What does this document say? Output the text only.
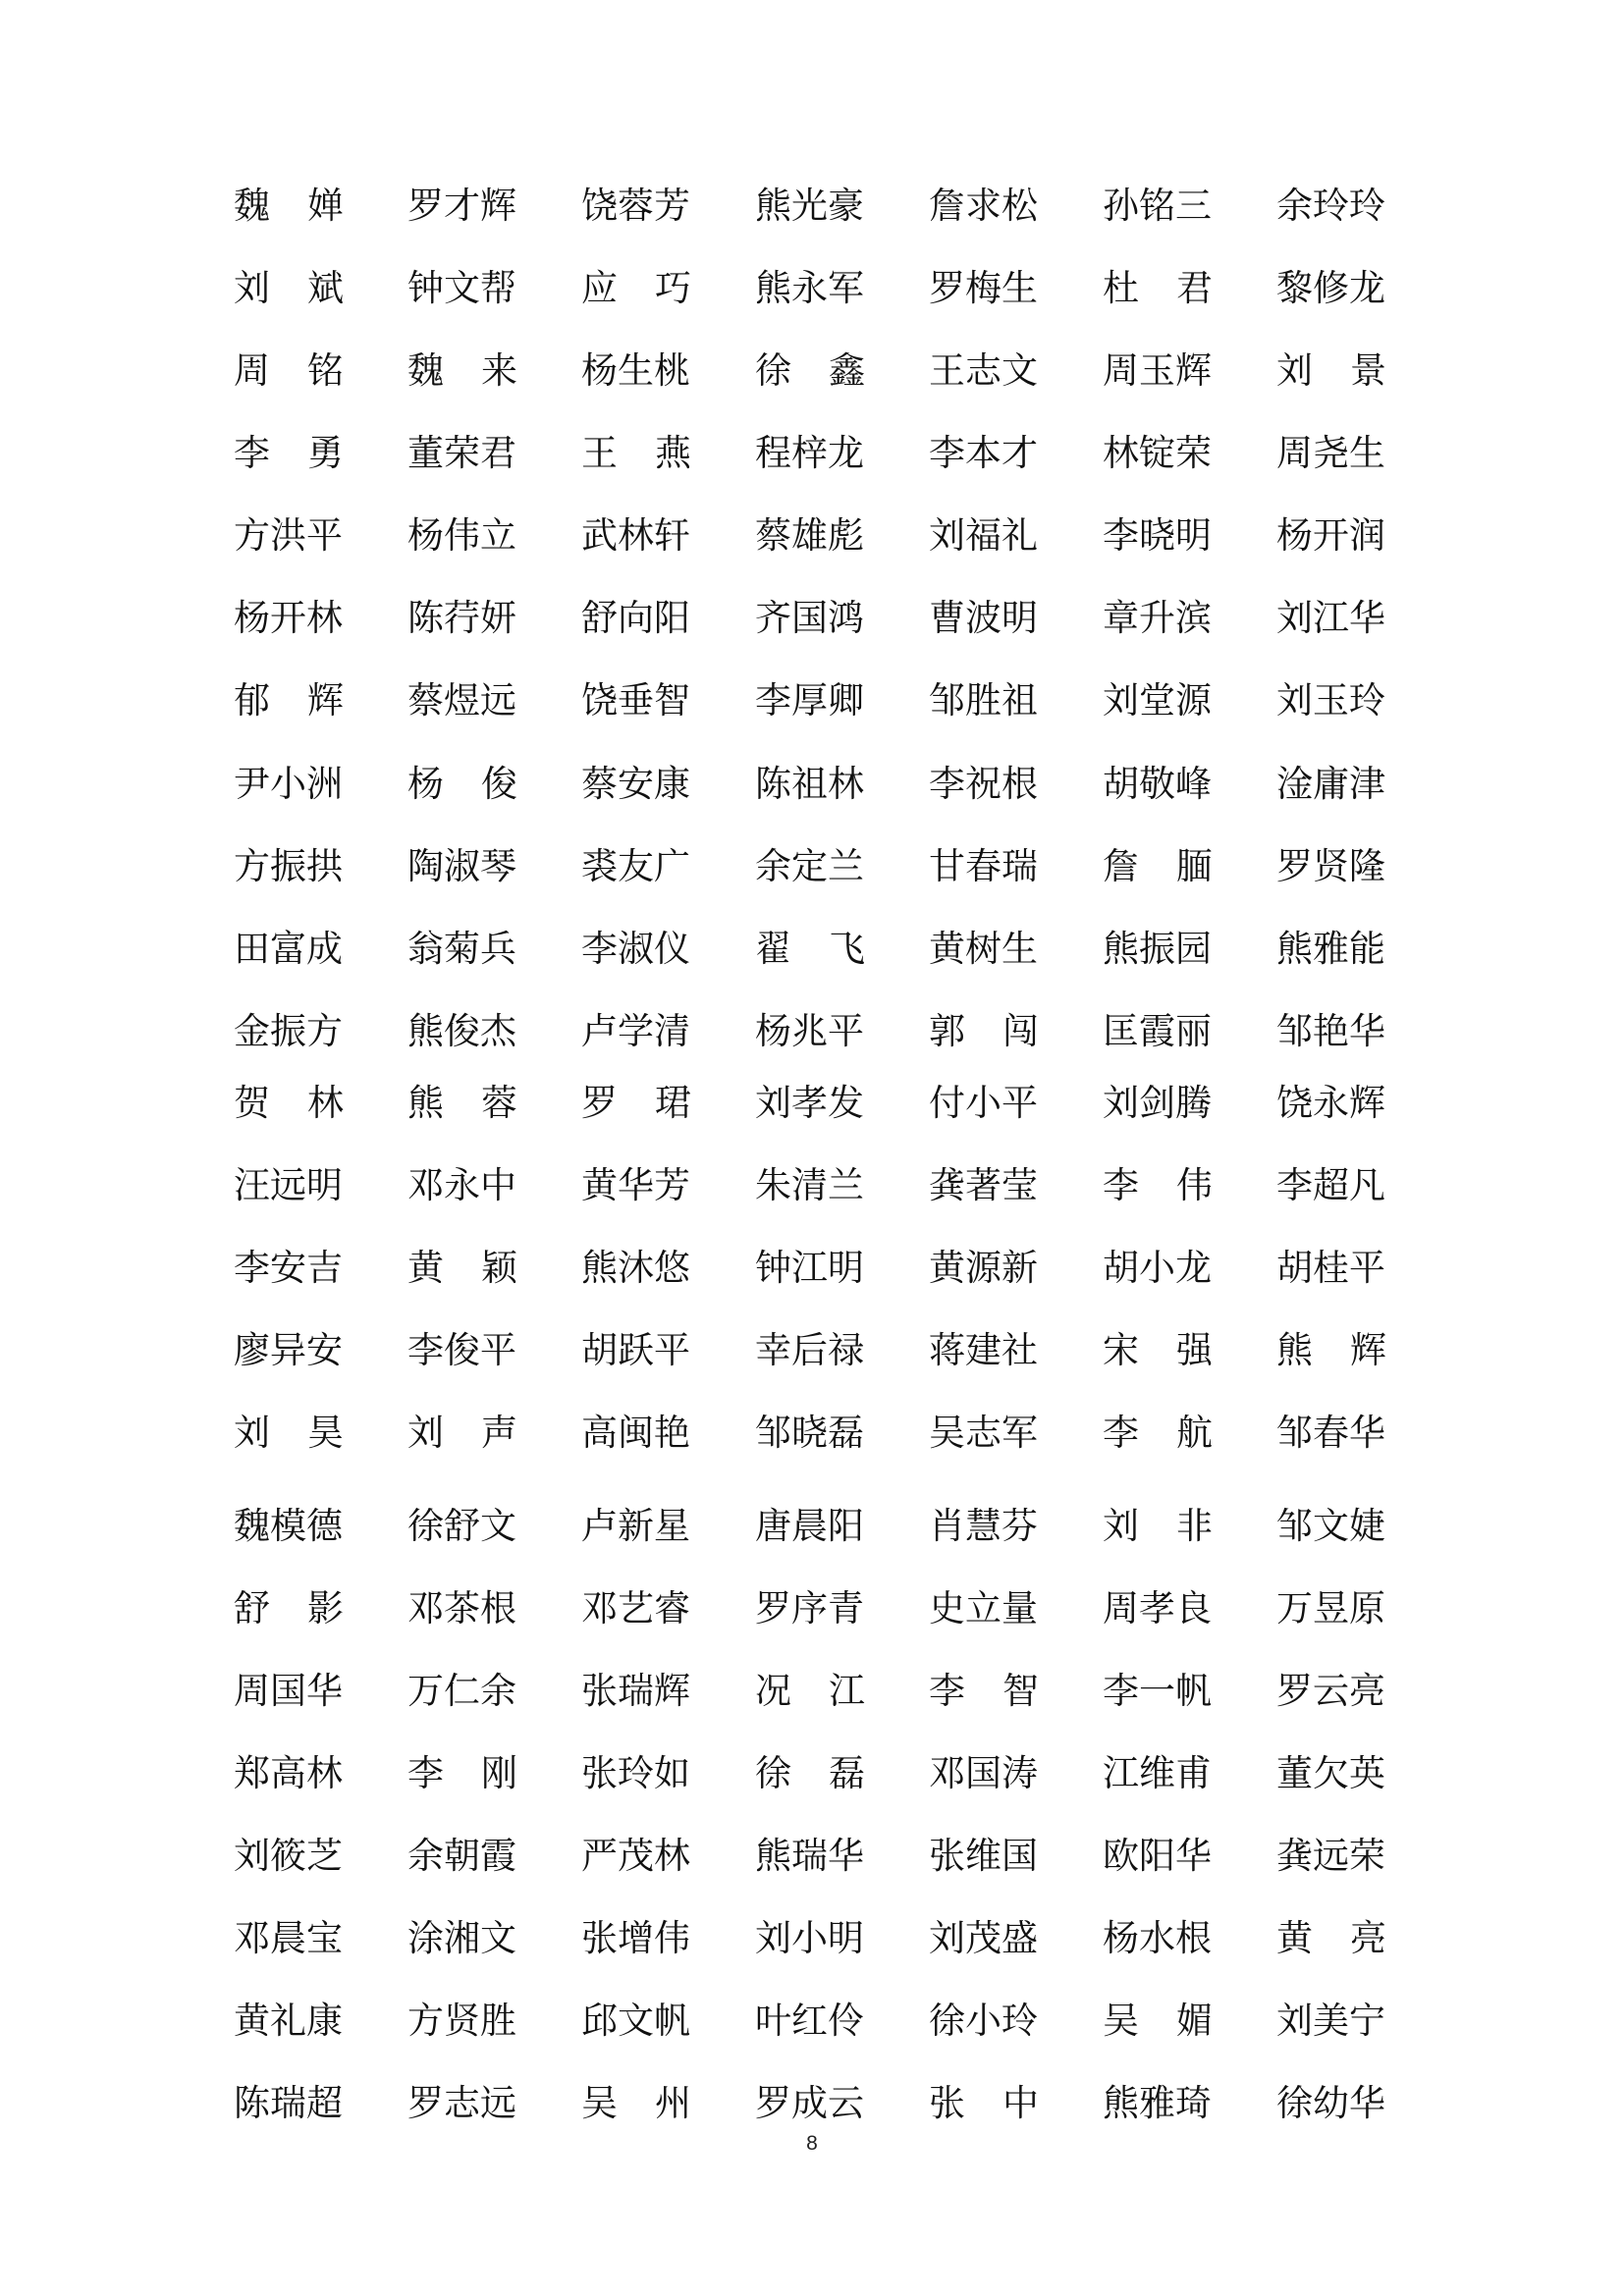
魏婵 罗才辉 饶蓉芳 熊光豪 詹求松 孙铭三 余玲玲
刘斌 钟文帮 应巧 熊永军 罗梅生 杜君 黎修龙
周铭 魏来 杨生桃 徐鑫 王志文 周玉辉 刘景
李勇 董荣君 王燕 程梓龙 李本才 林锭荣 周尧生
方洪平 杨伟立 武林轩 蔡雄彪 刘福礼 李晓明 杨开润
杨开林 陈荇妍 舒向阳 齐国鸿 曹波明 章升滨 刘江华
郁辉 蔡煜远 饶垂智 李厚卿 邹胜祖 刘堂源 刘玉玲
尹小洲 杨俊 蔡安康 陈祖林 李祝根 胡敬峰 淦庸津
方振拱 陶淑琴 裘友广 余定兰 甘春瑞 詹腼 罗贤隆
田富成 翁菊兵 李淑仪 翟飞 黄树生 熊振园 熊雅能
金振方 熊俊杰 卢学清 杨兆平 郭闯 匡霞丽 邹艳华
贺林 熊蓉 罗珺 刘孝发 付小平 刘剑腾 饶永辉
汪远明 邓永中 黄华芳 朱清兰 龚著莹 李伟 李超凡
李安吉 黄颖 熊沐悠 钟江明 黄源新 胡小龙 胡桂平
廖异安 李俊平 胡跃平 幸后禄 蒋建社 宋强 熊辉
刘昊 刘声 高闽艳 邹晓磊 吴志军 李航 邹春华
魏模德 徐舒文 卢新星 唐晨阳 肖慧芬 刘非 邹文婕
舒影 邓茶根 邓艺睿 罗序青 史立量 周孝良 万昱原
周国华 万仁余 张瑞辉 况江 李智 李一帆 罗云亮
郑高林 李刚 张玲如 徐磊 邓国涛 江维甫 董欠英
刘筱芝 余朝霞 严茂林 熊瑞华 张维国 欧阳华 龚远荣
邓晨宝 涂湘文 张增伟 刘小明 刘茂盛 杨水根 黄亮
黄礼康 方贤胜 邱文帆 叶红伶 徐小玲 吴媚 刘美宁
陈瑞超 罗志远 吴州 罗成云 张中 熊雅琦 徐幼华
8
